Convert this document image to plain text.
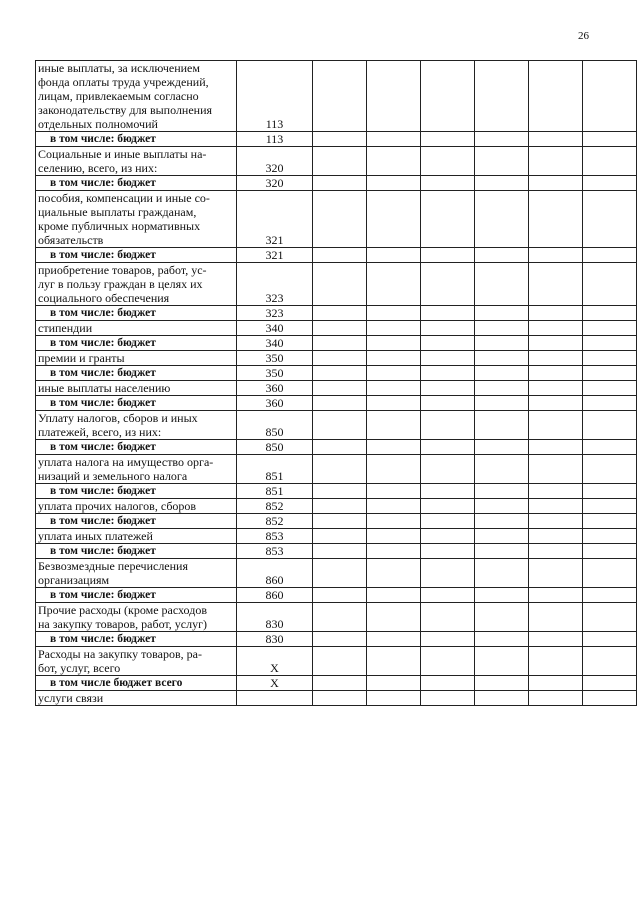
26
иные выплаты, за исключением
фонда оплаты труда учреждений,
лицам, привлекаемым согласно
законодательству для выполнения
отдельных полномочий	113						

в том числе: бюджет	113						

Социальные и иные выплаты на-
селению, всего, из них:	320						

в том числе: бюджет	320						

пособия, компенсации и иные со-
циальные выплаты гражданам,
кроме публичных нормативных
обязательств	321						

в том числе: бюджет	321						

приобретение товаров, работ, ус-
луг в пользу граждан в целях их
социального обеспечения	323						

в том числе: бюджет	323						

стипендии	340						

в том числе: бюджет	340						

премии и гранты	350						

в том числе: бюджет	350						

иные выплаты населению	360						

в том числе: бюджет	360						

Уплату налогов, сборов и иных
платежей, всего, из них:	850						

в том числе: бюджет	850						

уплата налога на имущество орга-
низаций и земельного налога	851						

в том числе: бюджет	851						

уплата прочих налогов, сборов	852						

в том числе: бюджет	852						

уплата иных платежей	853						

в том числе: бюджет	853						

Безвозмездные перечисления
организациям	860						

в том числе: бюджет	860						

Прочие расходы (кроме расходов
на закупку товаров, работ, услуг)	830						

в том числе: бюджет	830						

Расходы на закупку товаров, ра-
бот, услуг, всего	X						

в том числе бюджет всего	X						

услуги связи							
